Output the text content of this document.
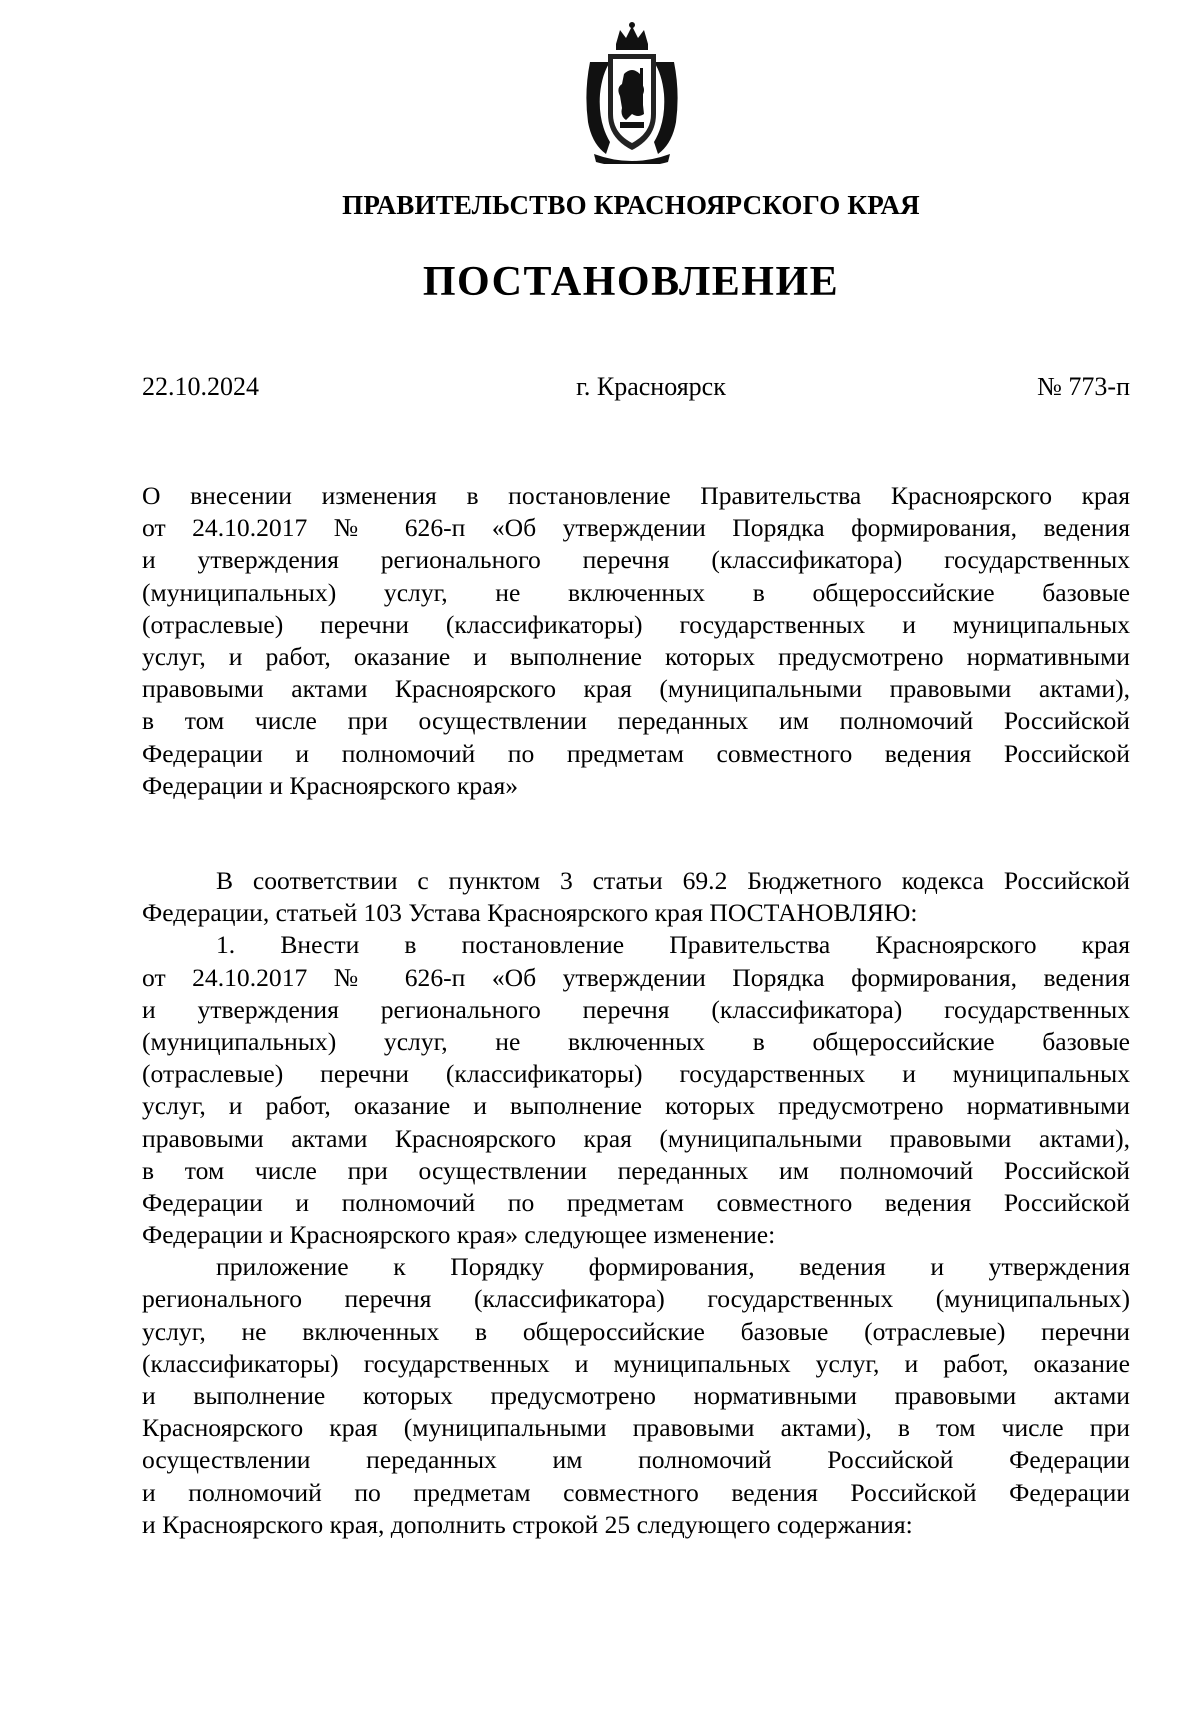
ПРАВИТЕЛЬСТВО КРАСНОЯРСКОГО КРАЯ
ПОСТАНОВЛЕНИЕ
22.10.2024	г. Красноярск	№ 773-п
О внесении изменения в постановление Правительства Красноярского края
от 24.10.2017 № 626-п «Об утверждении Порядка формирования, ведения
и утверждения регионального перечня (классификатора) государственных
(муниципальных) услуг, не включенных в общероссийские базовые
(отраслевые) перечни (классификаторы) государственных и муниципальных
услуг, и работ, оказание и выполнение которых предусмотрено нормативными
правовыми актами Красноярского края (муниципальными правовыми актами),
в том числе при осуществлении переданных им полномочий Российской
Федерации и полномочий по предметам совместного ведения Российской
Федерации и Красноярского края»
В соответствии с пунктом 3 статьи 69.2 Бюджетного кодекса Российской
Федерации, статьей 103 Устава Красноярского края ПОСТАНОВЛЯЮ:
1. Внести в постановление Правительства Красноярского края
от 24.10.2017 № 626-п «Об утверждении Порядка формирования, ведения
и утверждения регионального перечня (классификатора) государственных
(муниципальных) услуг, не включенных в общероссийские базовые
(отраслевые) перечни (классификаторы) государственных и муниципальных
услуг, и работ, оказание и выполнение которых предусмотрено нормативными
правовыми актами Красноярского края (муниципальными правовыми актами),
в том числе при осуществлении переданных им полномочий Российской
Федерации и полномочий по предметам совместного ведения Российской
Федерации и Красноярского края» следующее изменение:
приложение к Порядку формирования, ведения и утверждения
регионального перечня (классификатора) государственных (муниципальных)
услуг, не включенных в общероссийские базовые (отраслевые) перечни
(классификаторы) государственных и муниципальных услуг, и работ, оказание
и выполнение которых предусмотрено нормативными правовыми актами
Красноярского края (муниципальными правовыми актами), в том числе при
осуществлении переданных им полномочий Российской Федерации
и полномочий по предметам совместного ведения Российской Федерации
и Красноярского края, дополнить строкой 25 следующего содержания:
